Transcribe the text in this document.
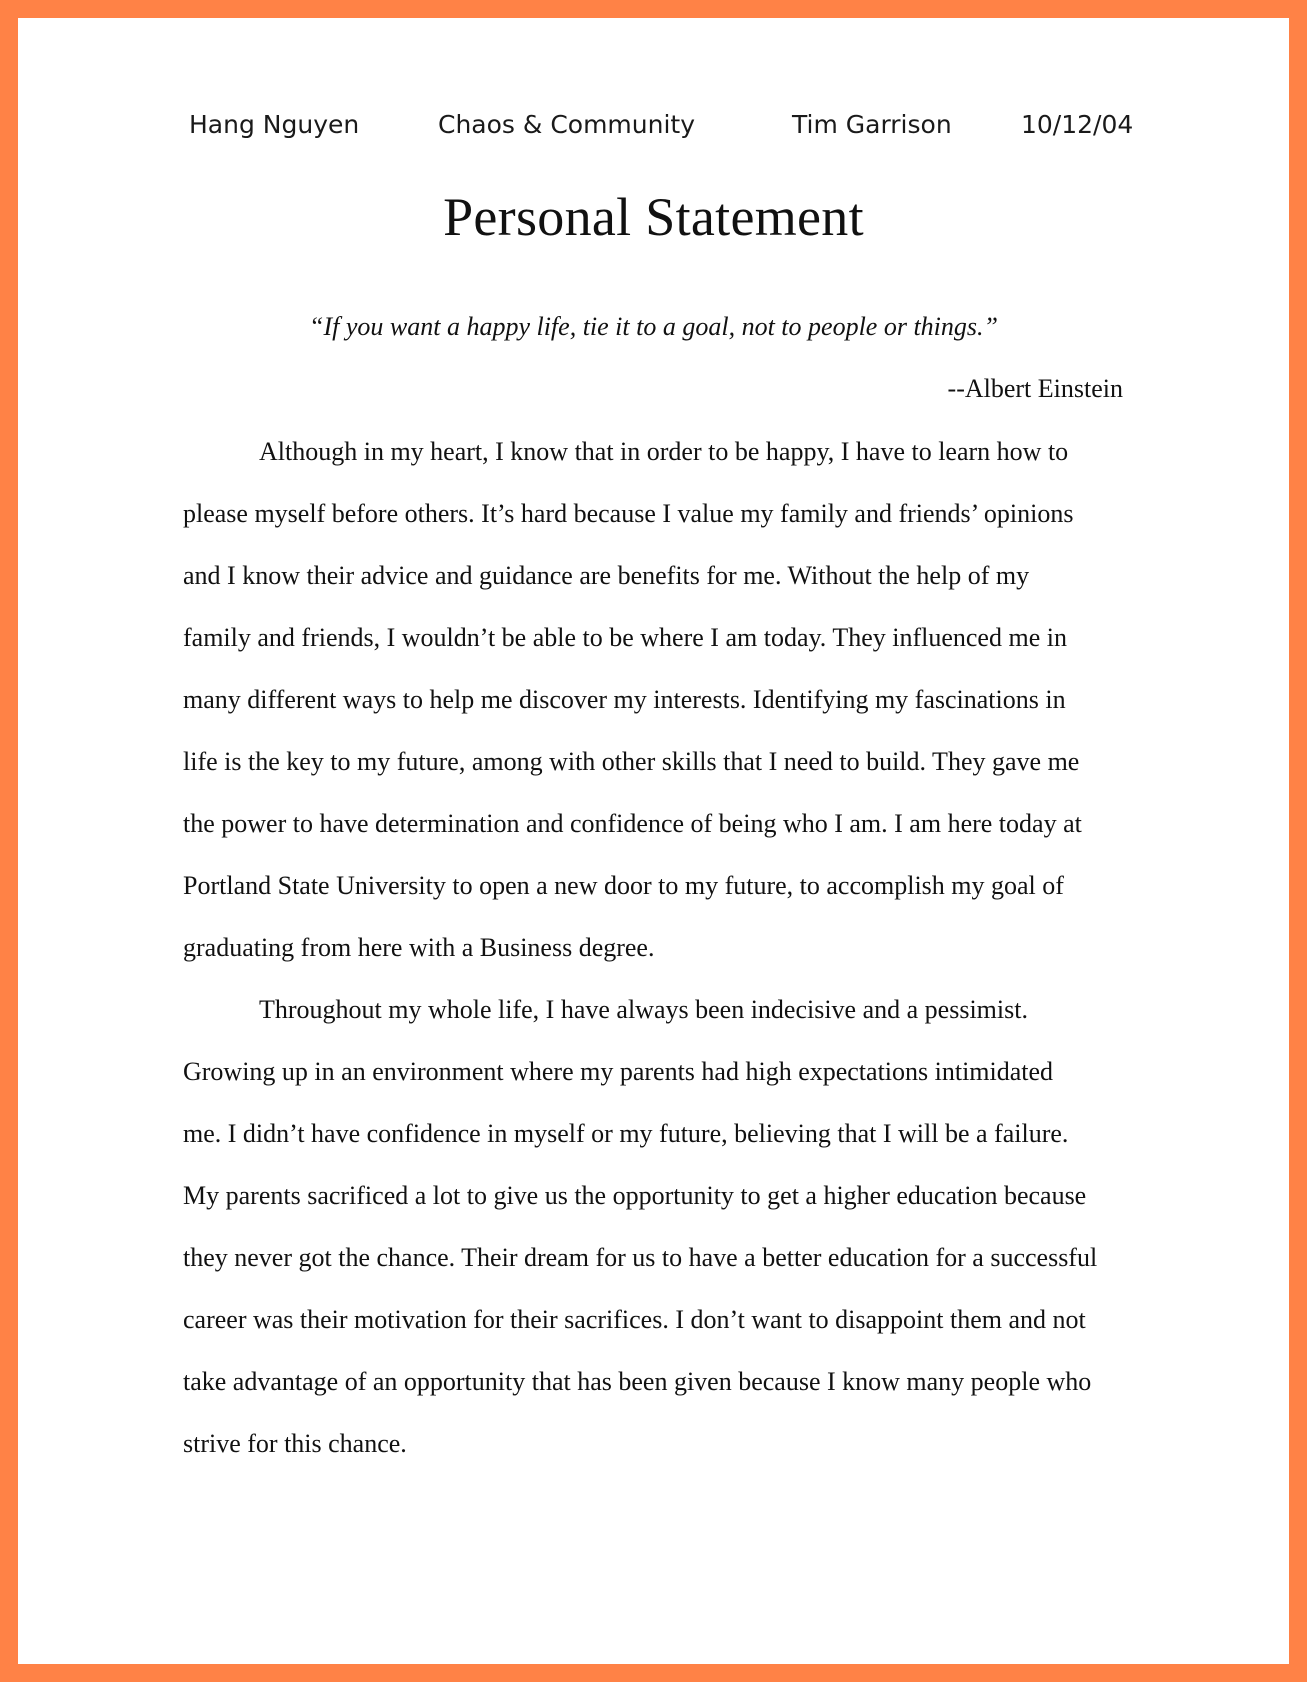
Hang Nguyen	Chaos & Community	Tim Garrison	10/12/04
Personal Statement
“If you want a happy life, tie it to a goal, not to people or things.”
--Albert Einstein
Although in my heart, I know that in order to be happy, I have to learn how to
please myself before others. It’s hard because I value my family and friends’ opinions
and I know their advice and guidance are benefits for me. Without the help of my
family and friends, I wouldn’t be able to be where I am today. They influenced me in
many different ways to help me discover my interests. Identifying my fascinations in
life is the key to my future, among with other skills that I need to build. They gave me
the power to have determination and confidence of being who I am. I am here today at
Portland State University to open a new door to my future, to accomplish my goal of
graduating from here with a Business degree.
Throughout my whole life, I have always been indecisive and a pessimist.
Growing up in an environment where my parents had high expectations intimidated
me. I didn’t have confidence in myself or my future, believing that I will be a failure.
My parents sacrificed a lot to give us the opportunity to get a higher education because
they never got the chance. Their dream for us to have a better education for a successful
career was their motivation for their sacrifices. I don’t want to disappoint them and not
take advantage of an opportunity that has been given because I know many people who
strive for this chance.
